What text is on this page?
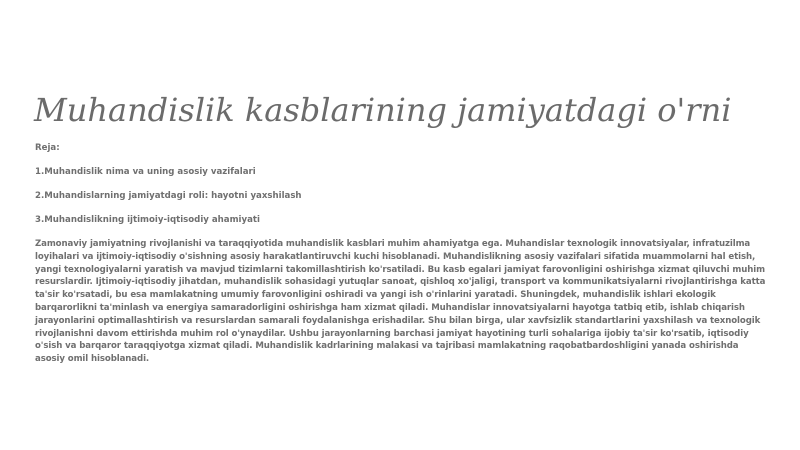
Muhandislik kasblarining jamiyatdagi o'rni

Reja:

1.Muhandislik nima va uning asosiy vazifalari

2.Muhandislarning jamiyatdagi roli: hayotni yaxshilash

3.Muhandislikning ijtimoiy-iqtisodiy ahamiyati

Zamonaviy jamiyatning rivojlanishi va taraqqiyotida muhandislik kasblari muhim ahamiyatga ega. Muhandislar texnologik innovatsiyalar, infratuzilma loyihalari va ijtimoiy-iqtisodiy o'sishning asosiy harakatlantiruvchi kuchi hisoblanadi. Muhandislikning asosiy vazifalari sifatida muammolarni hal etish, yangi texnologiyalarni yaratish va mavjud tizimlarni takomillashtirish ko'rsatiladi. Bu kasb egalari jamiyat farovonligini oshirishga xizmat qiluvchi muhim resurslardir. Ijtimoiy-iqtisodiy jihatdan, muhandislik sohasidagi yutuqlar sanoat, qishloq xo'jaligi, transport va kommunikatsiyalarni rivojlantirishga katta ta'sir ko'rsatadi, bu esa mamlakatning umumiy farovonligini oshiradi va yangi ish o'rinlarini yaratadi. Shuningdek, muhandislik ishlari ekologik barqarorlikni ta'minlash va energiya samaradorligini oshirishga ham xizmat qiladi. Muhandislar innovatsiyalarni hayotga tatbiq etib, ishlab chiqarish jarayonlarini optimallashtirish va resurslardan samarali foydalanishga erishadilar. Shu bilan birga, ular xavfsizlik standartlarini yaxshilash va texnologik rivojlanishni davom ettirishda muhim rol o'ynaydilar. Ushbu jarayonlarning barchasi jamiyat hayotining turli sohalariga ijobiy ta'sir ko'rsatib, iqtisodiy o'sish va barqaror taraqqiyotga xizmat qiladi. Muhandislik kadrlarining malakasi va tajribasi mamlakatning raqobatbardoshligini yanada oshirishda asosiy omil hisoblanadi.
